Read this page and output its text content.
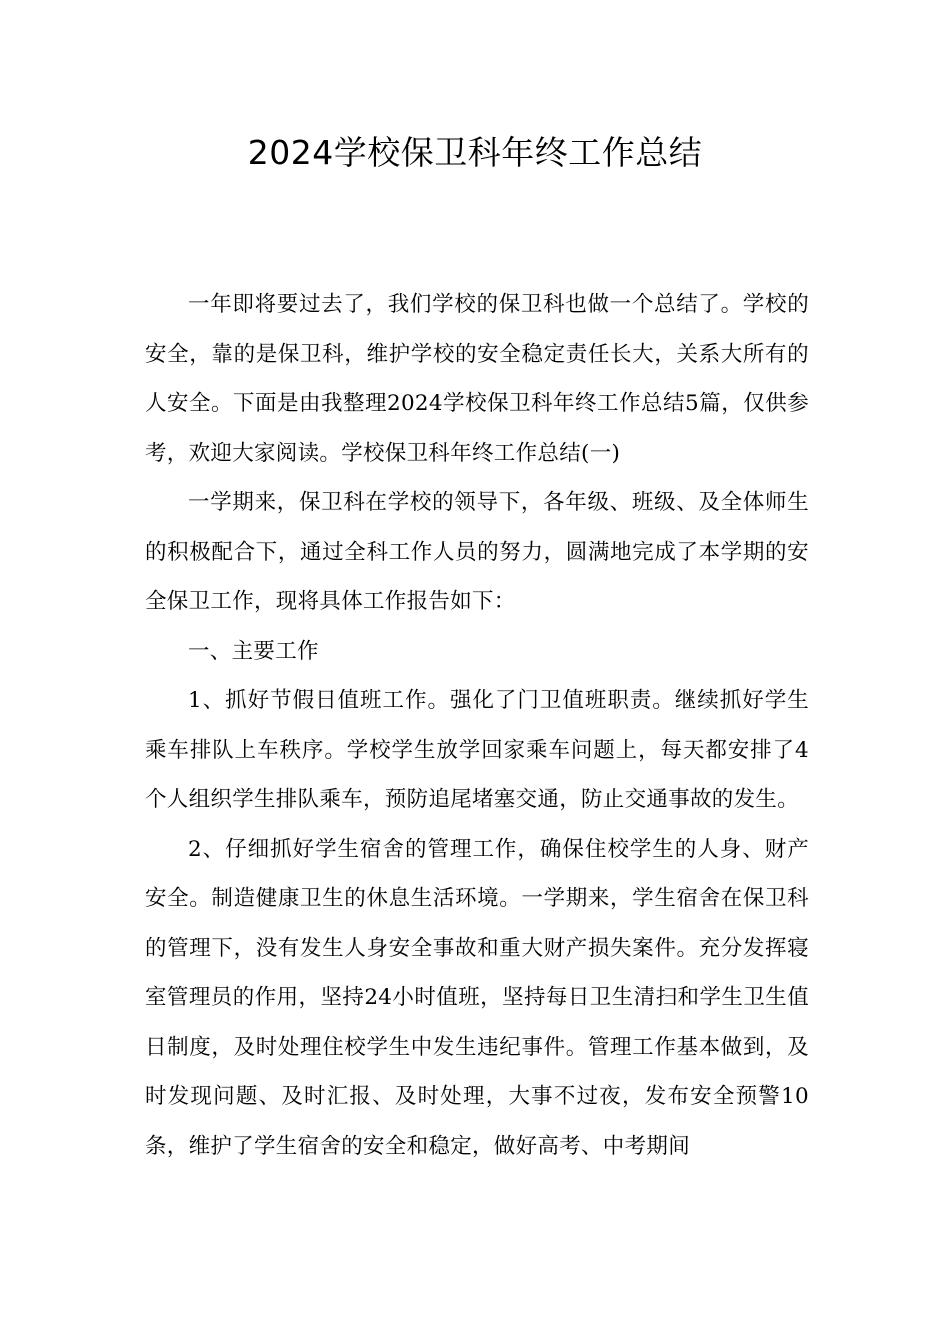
2024学校保卫科年终工作总结

一年即将要过去了，我们学校的保卫科也做一个总结了。学校的安全，靠的是保卫科，维护学校的安全稳定责任长大，关系大所有的人安全。下面是由我整理2024学校保卫科年终工作总结5篇，仅供参考，欢迎大家阅读。学校保卫科年终工作总结(一)

一学期来，保卫科在学校的领导下，各年级、班级、及全体师生的积极配合下，通过全科工作人员的努力，圆满地完成了本学期的安全保卫工作，现将具体工作报告如下：

一、主要工作

1、抓好节假日值班工作。强化了门卫值班职责。继续抓好学生乘车排队上车秩序。学校学生放学回家乘车问题上，每天都安排了4个人组织学生排队乘车，预防追尾堵塞交通，防止交通事故的发生。

2、仔细抓好学生宿舍的管理工作，确保住校学生的人身、财产安全。制造健康卫生的休息生活环境。一学期来，学生宿舍在保卫科的管理下，没有发生人身安全事故和重大财产损失案件。充分发挥寝室管理员的作用，坚持24小时值班，坚持每日卫生清扫和学生卫生值日制度，及时处理住校学生中发生违纪事件。管理工作基本做到，及时发现问题、及时汇报、及时处理，大事不过夜，发布安全预警10条，维护了学生宿舍的安全和稳定，做好高考、中考期间
